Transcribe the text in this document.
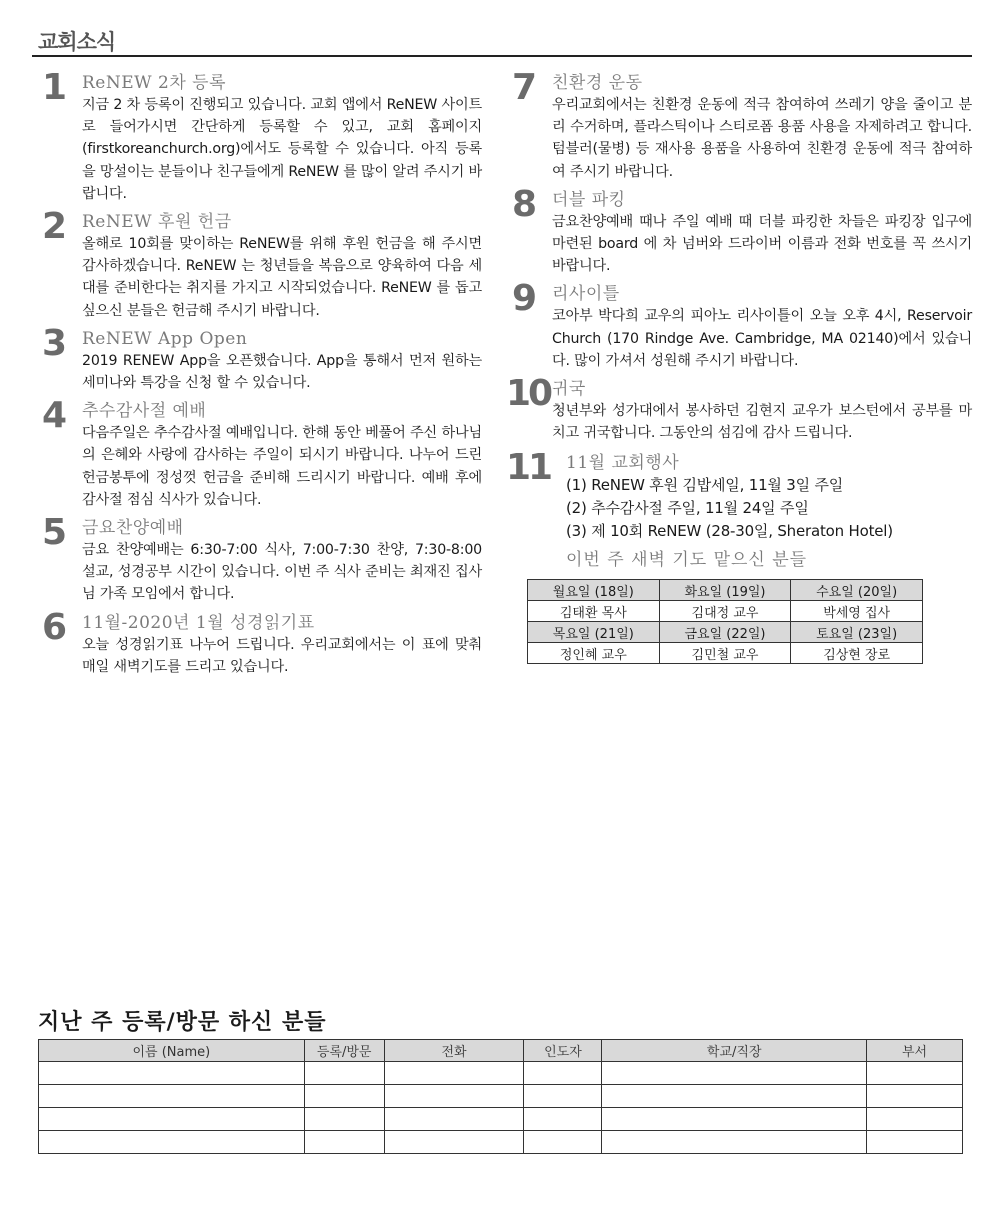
교회소식
1 ReNEW 2차 등록
지금 2 차 등록이 진행되고 있습니다. 교회 앱에서 ReNEW 사이트로 들어가시면 간단하게 등록할 수 있고, 교회 홈페이지 (firstkoreanchurch.org)에서도 등록할 수 있습니다. 아직 등록을 망설이는 분들이나 친구들에게 ReNEW 를 많이 알려 주시기 바랍니다.
2 ReNEW 후원 헌금
올해로 10회를 맞이하는 ReNEW를 위해 후원 헌금을 해 주시면 감사하겠습니다. ReNEW 는 청년들을 복음으로 양육하여 다음 세대를 준비한다는 취지를 가지고 시작되었습니다. ReNEW 를 돕고 싶으신 분들은 헌금해 주시기 바랍니다.
3 ReNEW App Open
2019 RENEW App을 오픈했습니다. App을 통해서 먼저 원하는 세미나와 특강을 신청 할 수 있습니다.
4 추수감사절 예배
다음주일은 추수감사절 예배입니다. 한해 동안 베풀어 주신 하나님의 은혜와 사랑에 감사하는 주일이 되시기 바랍니다. 나누어 드린 헌금봉투에 정성껏 헌금을 준비해 드리시기 바랍니다. 예배 후에 감사절 점심 식사가 있습니다.
5 금요찬양예배
금요 찬양예배는 6:30-7:00 식사, 7:00-7:30 찬양, 7:30-8:00 설교, 성경공부 시간이 있습니다. 이번 주 식사 준비는 최재진 집사님 가족 모임에서 합니다.
6 11월-2020년 1월 성경읽기표
오늘 성경읽기표 나누어 드립니다. 우리교회에서는 이 표에 맞춰 매일 새벽기도를 드리고 있습니다.
7 친환경 운동
우리교회에서는 친환경 운동에 적극 참여하여 쓰레기 양을 줄이고 분리 수거하며, 플라스틱이나 스티로폼 용품 사용을 자제하려고 합니다. 텀블러(물병) 등 재사용 용품을 사용하여 친환경 운동에 적극 참여하여 주시기 바랍니다.
8 더블 파킹
금요찬양예배 때나 주일 예배 때 더블 파킹한 차들은 파킹장 입구에 마련된 board 에 차 넘버와 드라이버 이름과 전화 번호를 꼭 쓰시기 바랍니다.
9 리사이틀
코아부 박다희 교우의 피아노 리사이틀이 오늘 오후 4시, Reservoir Church (170 Rindge Ave. Cambridge, MA 02140)에서 있습니다. 많이 가셔서 성원해 주시기 바랍니다.
10 귀국
청년부와 성가대에서 봉사하던 김현지 교우가 보스턴에서 공부를 마치고 귀국합니다. 그동안의 섬김에 감사 드립니다.
11 11월 교회행사
(1) ReNEW 후원 김밥세일, 11월 3일 주일
(2) 추수감사절 주일, 11월 24일 주일
(3) 제 10회 ReNEW (28-30일, Sheraton Hotel)
이번 주 새벽 기도 맡으신 분들
월요일 (18일)	화요일 (19일)	수요일 (20일)
김태환 목사	김대정 교우	박세영 집사
목요일 (21일)	금요일 (22일)	토요일 (23일)
정인혜 교우	김민철 교우	김상현 장로
지난 주 등록/방문 하신 분들
이름 (Name)	등록/방문	전화	인도자	학교/직장	부서
